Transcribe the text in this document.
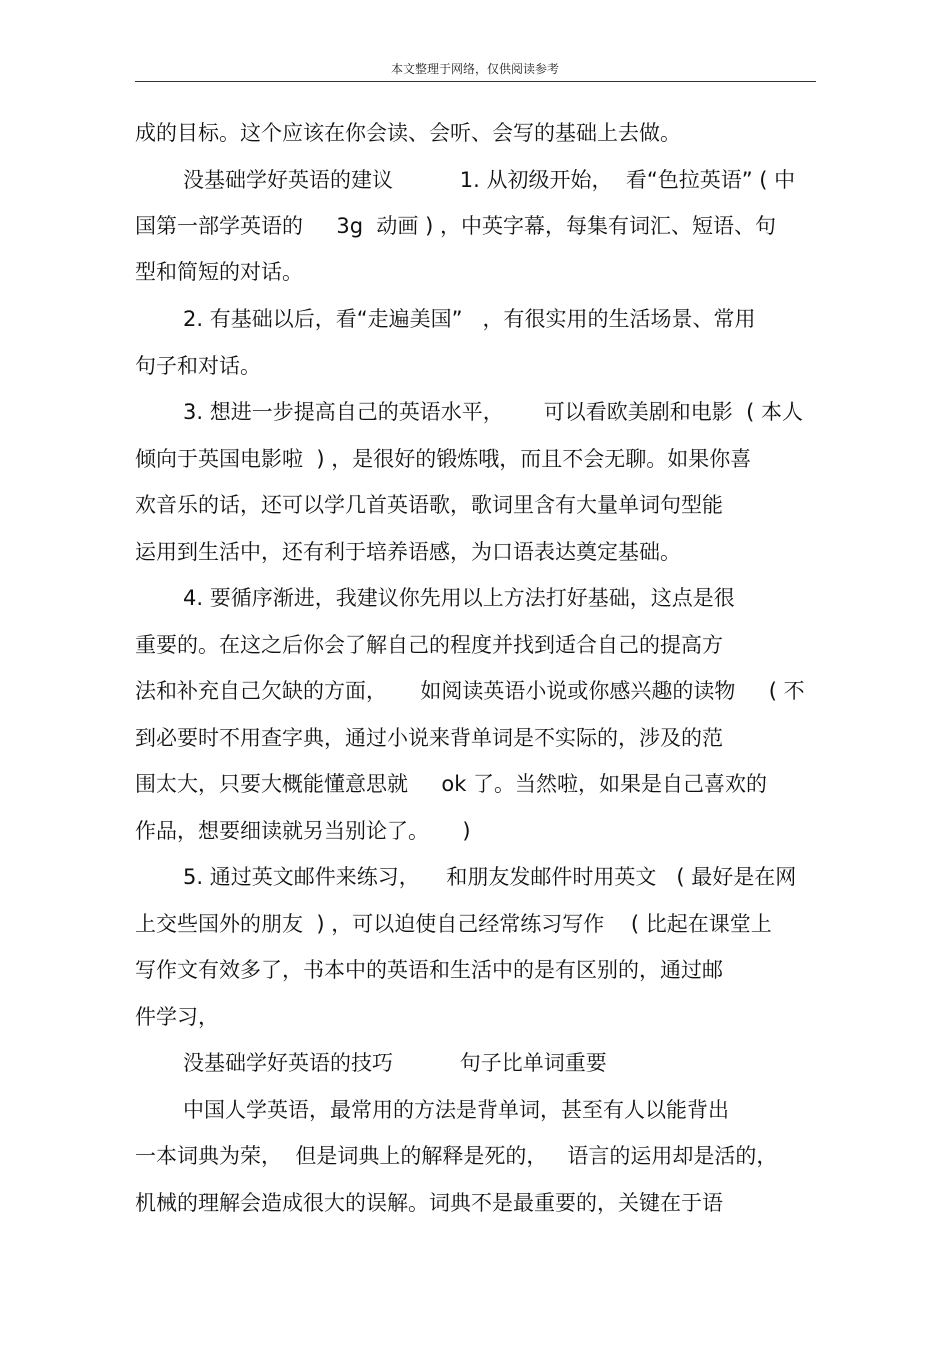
本文整理于网络，仅供阅读参考
成的目标。这个应该在你会读、会听、会写的基础上去做。
没基础学好英语的建议          1. 从初级开始，  看“色拉英语” ( 中
国第一部学英语的     3g  动画 ) ，中英字幕，每集有词汇、短语、句
型和简短的对话。
2. 有基础以后，看“走遍美国”   ，有很实用的生活场景、常用
句子和对话。
3. 想进一步提高自己的英语水平，      可以看欧美剧和电影  ( 本人
倾向于英国电影啦  ) ，是很好的锻炼哦，而且不会无聊。如果你喜
欢音乐的话，还可以学几首英语歌，歌词里含有大量单词句型能
运用到生活中，还有利于培养语感，为口语表达奠定基础。
4. 要循序渐进，我建议你先用以上方法打好基础，这点是很
重要的。在这之后你会了解自己的程度并找到适合自己的提高方
法和补充自己欠缺的方面，     如阅读英语小说或你感兴趣的读物     ( 不
到必要时不用查字典，通过小说来背单词是不实际的，涉及的范
围太大，只要大概能懂意思就     ok 了。当然啦，如果是自己喜欢的
作品，想要细读就另当别论了。     )
5. 通过英文邮件来练习，    和朋友发邮件时用英文   ( 最好是在网
上交些国外的朋友  ) ，可以迫使自己经常练习写作    ( 比起在课堂上
写作文有效多了，书本中的英语和生活中的是有区别的，通过邮
件学习，
没基础学好英语的技巧          句子比单词重要
中国人学英语，最常用的方法是背单词，甚至有人以能背出
一本词典为荣，  但是词典上的解释是死的，   语言的运用却是活的，
机械的理解会造成很大的误解。词典不是最重要的，关键在于语
